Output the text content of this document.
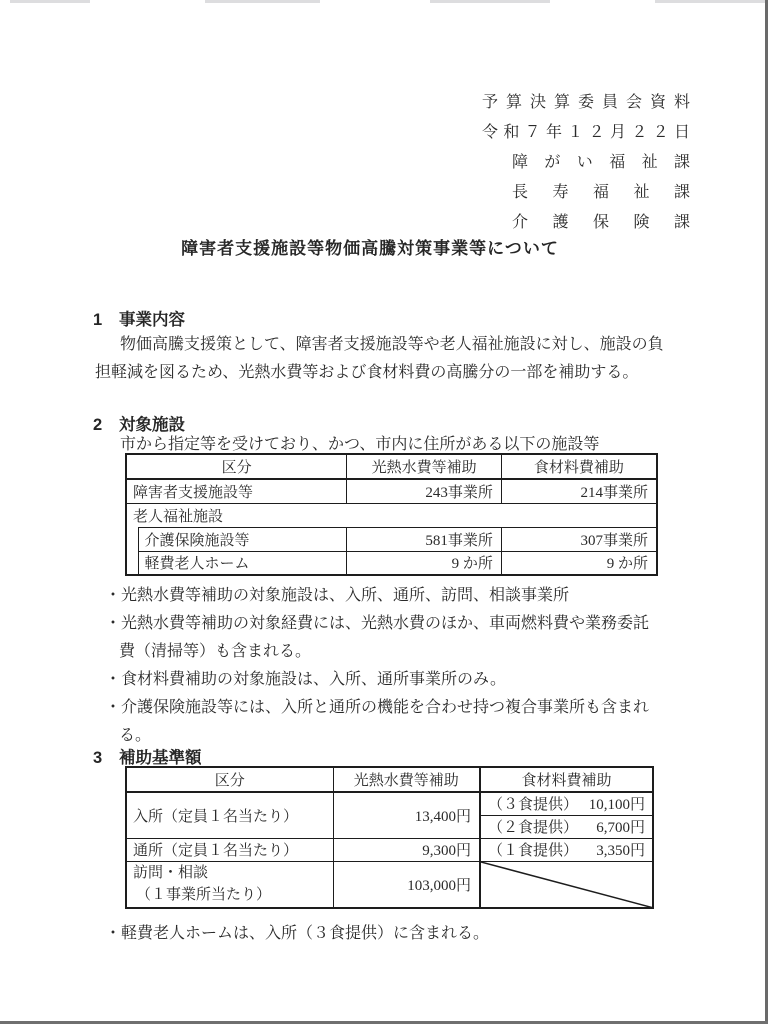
予算決算委員会資料
令和７年１２月２２日
障がい福祉課
長寿福祉課
介護保険課
障害者支援施設等物価高騰対策事業等について
1 事業内容
物価高騰支援策として、障害者支援施設等や老人福祉施設に対し、施設の負
担軽減を図るため、光熱水費等および食材料費の高騰分の一部を補助する。
2 対象施設
市から指定等を受けており、かつ、市内に住所がある以下の施設等
区分		光熱水費等補助	食材料費補助
障害者支援施設等		243事業所	214事業所
老人福祉施設			
	介護保険施設等	581事業所	307事業所
	軽費老人ホーム	9 か所	9 か所
・光熱水費等補助の対象施設は、入所、通所、訪問、相談事業所
・光熱水費等補助の対象経費には、光熱水費のほか、車両燃料費や業務委託
費（清掃等）も含まれる。
・食材料費補助の対象施設は、入所、通所事業所のみ。
・介護保険施設等には、入所と通所の機能を合わせ持つ複合事業所も含まれ
る。
3 補助基準額
区分	光熱水費等補助	食材料費補助
入所（定員１名当たり）	13,400円	（３食提供） 10,100円

		（２食提供） 6,700円

通所（定員１名当たり）	9,300円	（１食提供） 3,350円

訪問・相談
（１事業所当たり）	103,000円	
・軽費老人ホームは、入所（３食提供）に含まれる。
